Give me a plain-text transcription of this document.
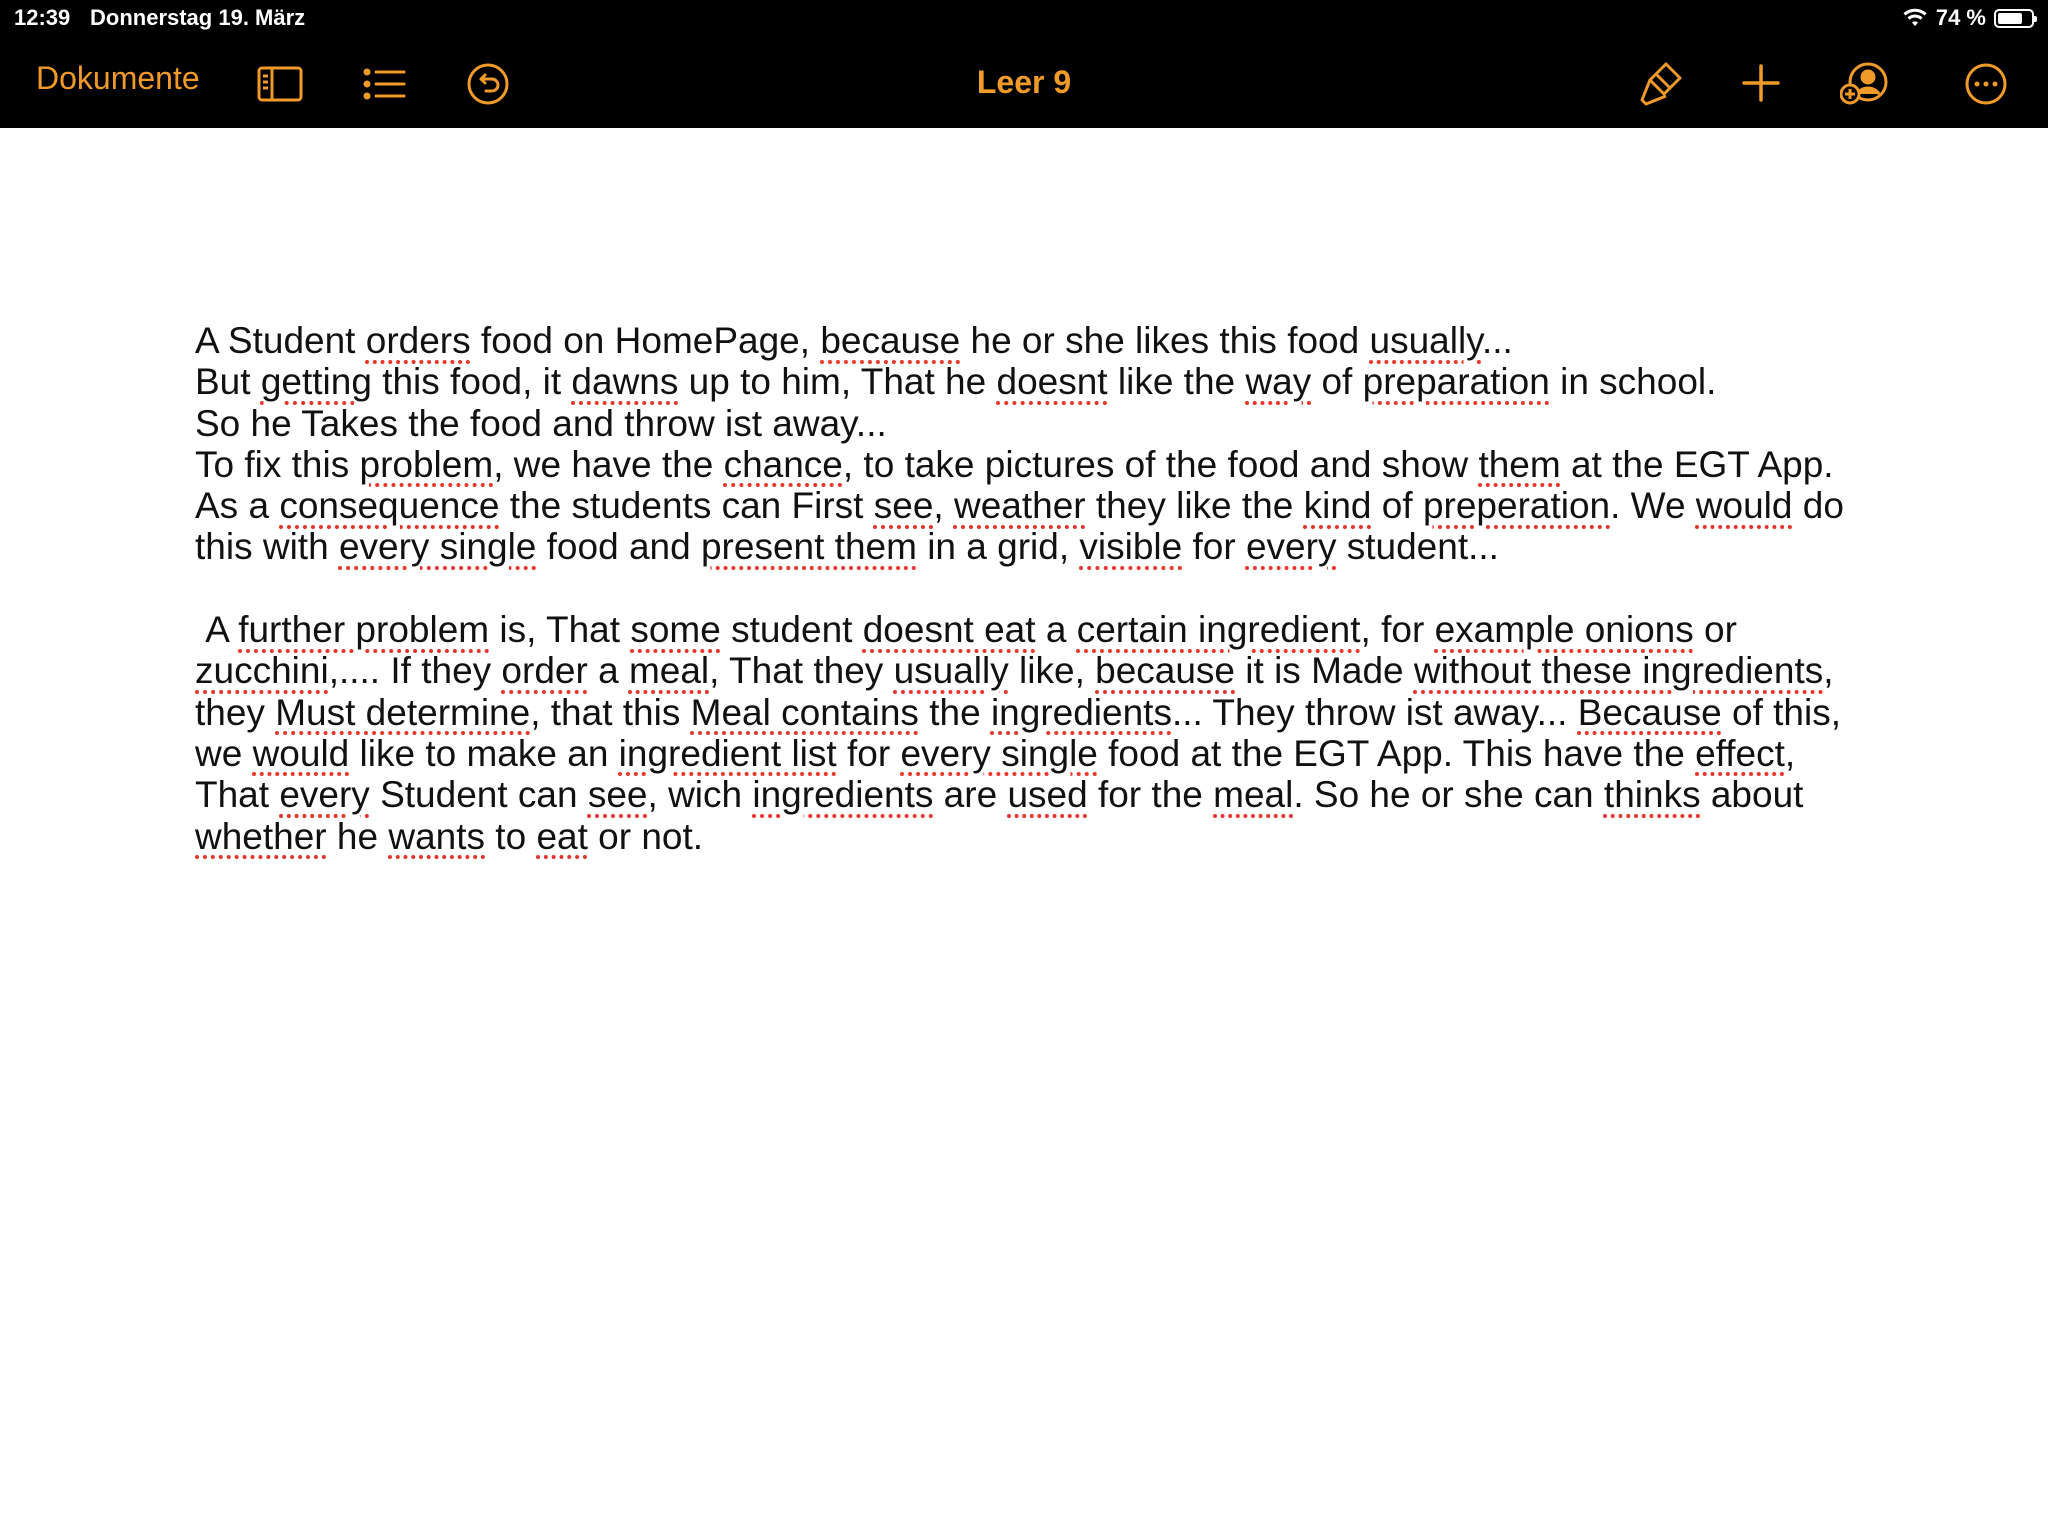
12:39 Donnerstag 19. März	74 %
Dokumente	Leer 9

A Student orders food on HomePage, because he or she likes this food usually...

But getting this food, it dawns up to him, That he doesnt like the way of preparation in school.

So he Takes the food and throw ist away...

To fix this problem, we have the chance, to take pictures of the food and show them at the EGT App. As a consequence the students can First see, weather they like the kind of preperation. We would do this with every single food and present them in a grid, visible for every student...

A further problem is, That some student doesnt eat a certain ingredient, for example onions or zucchini,.... If they order a meal, That they usually like, because it is Made without these ingredients, they Must determine, that this Meal contains the ingredients... They throw ist away... Because of this, we would like to make an ingredient list for every single food at the EGT App. This have the effect, That every Student can see, wich ingredients are used for the meal. So he or she can thinks about whether he wants to eat or not.
